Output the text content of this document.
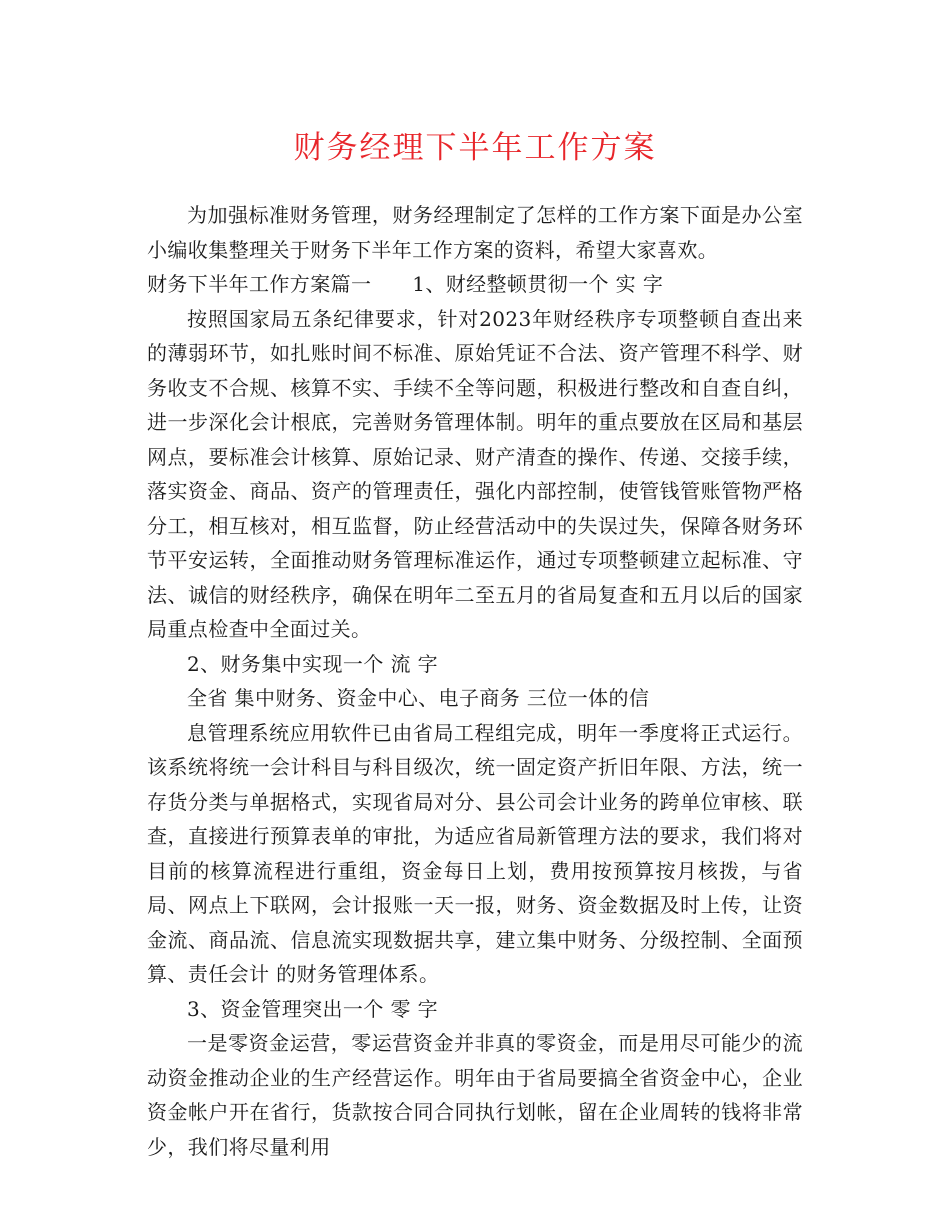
财务经理下半年工作方案

为加强标准财务管理，财务经理制定了怎样的工作方案下面是办公室小编收集整理关于财务下半年工作方案的资料，希望大家喜欢。

财务下半年工作方案篇一　　1、财经整顿贯彻一个 实 字

按照国家局五条纪律要求，针对2023年财经秩序专项整顿自查出来的薄弱环节，如扎账时间不标准、原始凭证不合法、资产管理不科学、财务收支不合规、核算不实、手续不全等问题，积极进行整改和自查自纠，进一步深化会计根底，完善财务管理体制。明年的重点要放在区局和基层网点，要标准会计核算、原始记录、财产清查的操作、传递、交接手续，落实资金、商品、资产的管理责任，强化内部控制，使管钱管账管物严格分工，相互核对，相互监督，防止经营活动中的失误过失，保障各财务环节平安运转，全面推动财务管理标准运作，通过专项整顿建立起标准、守法、诚信的财经秩序，确保在明年二至五月的省局复查和五月以后的国家局重点检查中全面过关。

2、财务集中实现一个 流 字

全省 集中财务、资金中心、电子商务 三位一体的信

息管理系统应用软件已由省局工程组完成，明年一季度将正式运行。该系统将统一会计科目与科目级次，统一固定资产折旧年限、方法，统一存货分类与单据格式，实现省局对分、县公司会计业务的跨单位审核、联查，直接进行预算表单的审批，为适应省局新管理方法的要求，我们将对目前的核算流程进行重组，资金每日上划，费用按预算按月核拨，与省局、网点上下联网，会计报账一天一报，财务、资金数据及时上传，让资金流、商品流、信息流实现数据共享，建立集中财务、分级控制、全面预算、责任会计 的财务管理体系。

3、资金管理突出一个 零 字

一是零资金运营，零运营资金并非真的零资金，而是用尽可能少的流动资金推动企业的生产经营运作。明年由于省局要搞全省资金中心，企业资金帐户开在省行，货款按合同合同执行划帐，留在企业周转的钱将非常少，我们将尽量利用
